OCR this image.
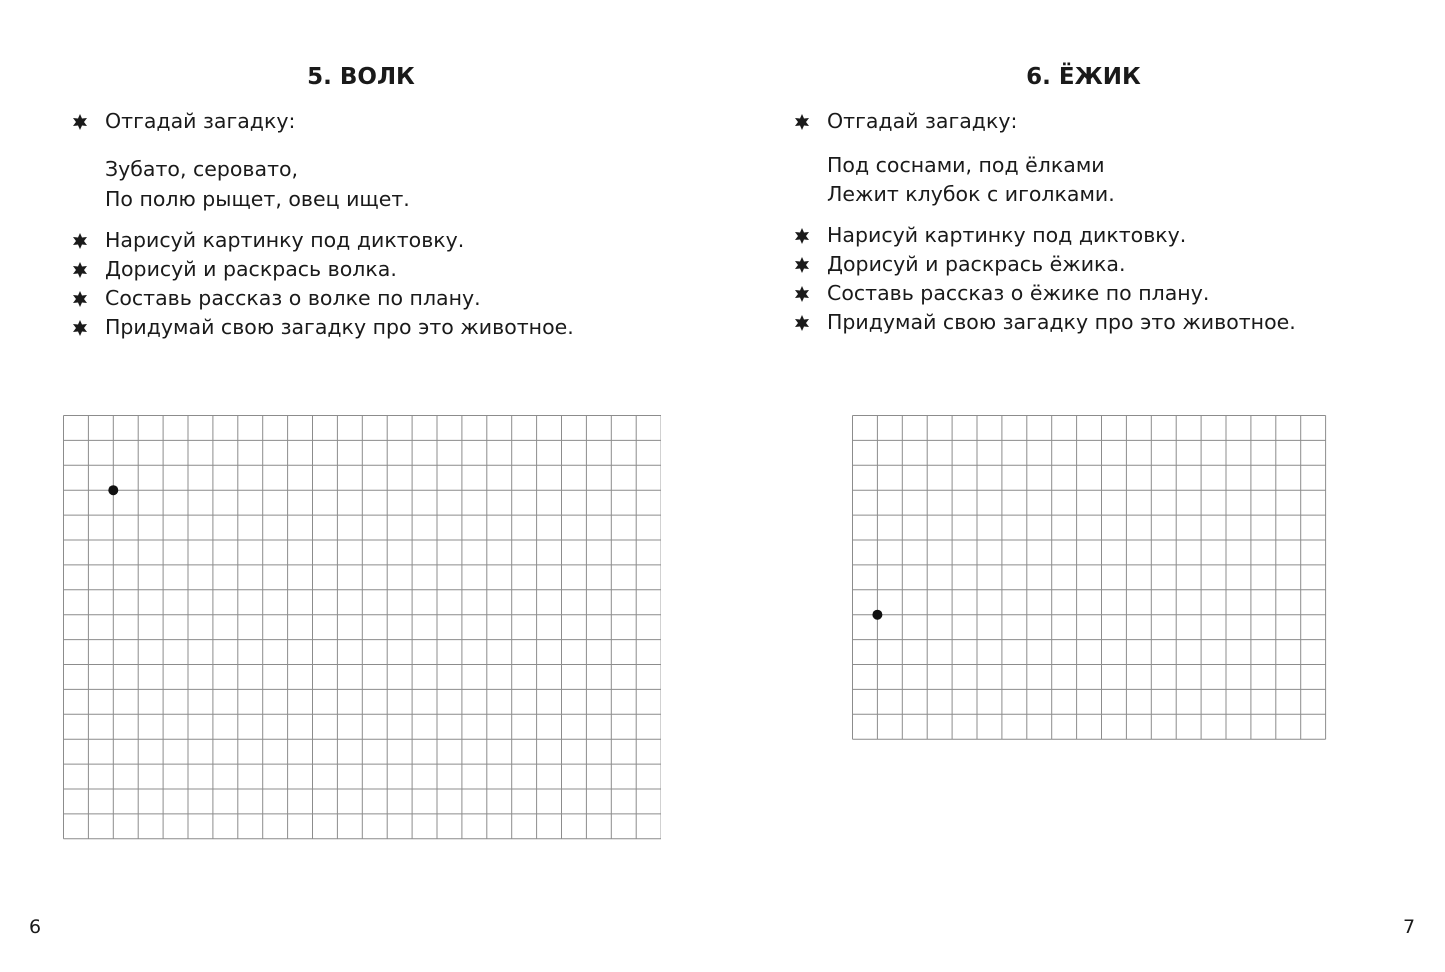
5. ВОЛК

Отгадай загадку:

Зубато, серовато,

По полю рыщет, овец ищет.

Нарисуй картинку под диктовку.

Дорисуй и раскрась волка.

Составь рассказ о волке по плану.

Придумай свою загадку про это животное.

6
6. ЁЖИК

Отгадай загадку:

Под соснами, под ёлками

Лежит клубок с иголками.

Нарисуй картинку под диктовку.

Дорисуй и раскрась ёжика.

Составь рассказ о ёжике по плану.

Придумай свою загадку про это животное.

7
